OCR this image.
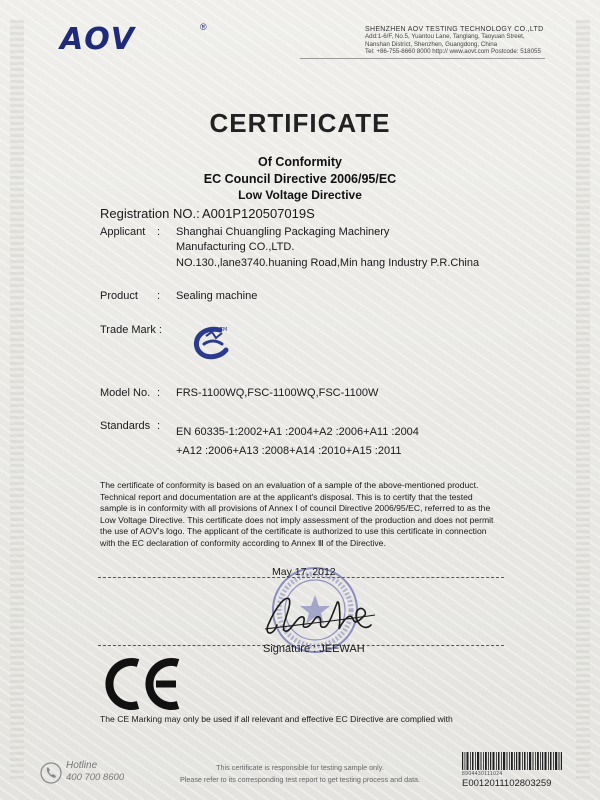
AOV	®	SHENZHEN AOV TESTING TECHNOLOGY CO.,LTD
Add:1-6/F, No.5, Yuantou Lane, Tanglang, Taoyuan Street,
Nanshan District, Shenzhen, Guangdong, China
Tel: +86-755-8660 8000 http:// www.aovt.com Postcode: 518055
CERTIFICATE
Of Conformity
EC Council Directive 2006/95/EC
Low Voltage Directive
Registration NO.: A001P120507019S
Applicant : Shanghai Chuangling Packaging Machinery
Manufacturing CO.,LTD.
NO.130.,lane3740.huaning Road,Min hang Industry P.R.China
Product : Sealing machine
Trade Mark :	TM
Model No. : FRS-1100WQ,FSC-1100WQ,FSC-1100W
Standards : EN 60335-1:2002+A1 :2004+A2 :2006+A11 :2004
+A12 :2006+A13 :2008+A14 :2010+A15 :2011
The certificate of conformity is based on an evaluation of a sample of the above-mentioned product.
Technical report and documentation are at the applicant's disposal. This is to certify that the tested
sample is in conformity with all provisions of Annex I of council Directive 2006/95/EC, referred to as the
Low Voltage Directive. This certificate does not imply assessment of the production and does not permit
the use of AOV's logo. The applicant of the certificate is authorized to use this certificate in connection
with the EC declaration of conformity according to Annex Ⅲ of the Directive.
May 17, 2012
Signature : JEEWAH
The CE Marking may only be used if all relevant and effective EC Directive are complied with
Hotline
400 700 8600
This certificate is responsible for testing sample only.
Please refer to its corresponding test report to get testing process and data.
8904430111024
E0012011102803259
